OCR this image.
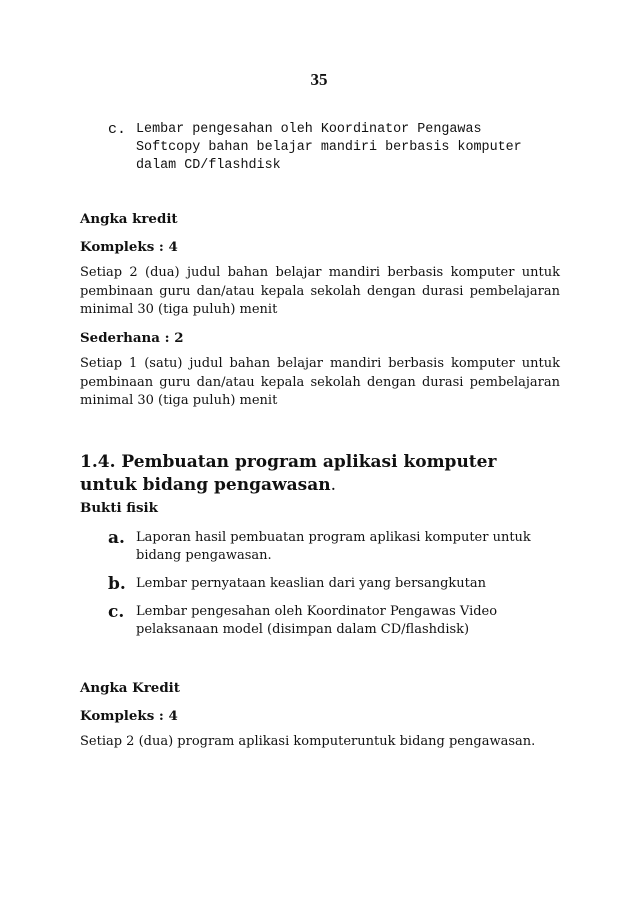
35
c. Lembar pengesahan oleh Koordinator Pengawas
Softcopy bahan belajar mandiri berbasis komputer
dalam CD/flashdisk
Angka kredit
Kompleks : 4
Setiap 2 (dua) judul bahan belajar mandiri berbasis komputer untuk pembinaan guru dan/atau kepala sekolah dengan durasi pembelajaran minimal 30 (tiga puluh) menit
Sederhana : 2
Setiap 1 (satu) judul bahan belajar mandiri berbasis komputer untuk pembinaan guru dan/atau kepala sekolah dengan durasi pembelajaran minimal 30 (tiga puluh) menit
1.4. Pembuatan program aplikasi komputer
untuk bidang pengawasan.
Bukti fisik
a. Laporan hasil pembuatan program aplikasi komputer untuk bidang pengawasan.
b. Lembar pernyataan keaslian dari yang bersangkutan
c. Lembar pengesahan oleh Koordinator Pengawas Video pelaksanaan model (disimpan dalam CD/flashdisk)
Angka Kredit
Kompleks : 4
Setiap 2 (dua) program aplikasi komputeruntuk bidang pengawasan.
